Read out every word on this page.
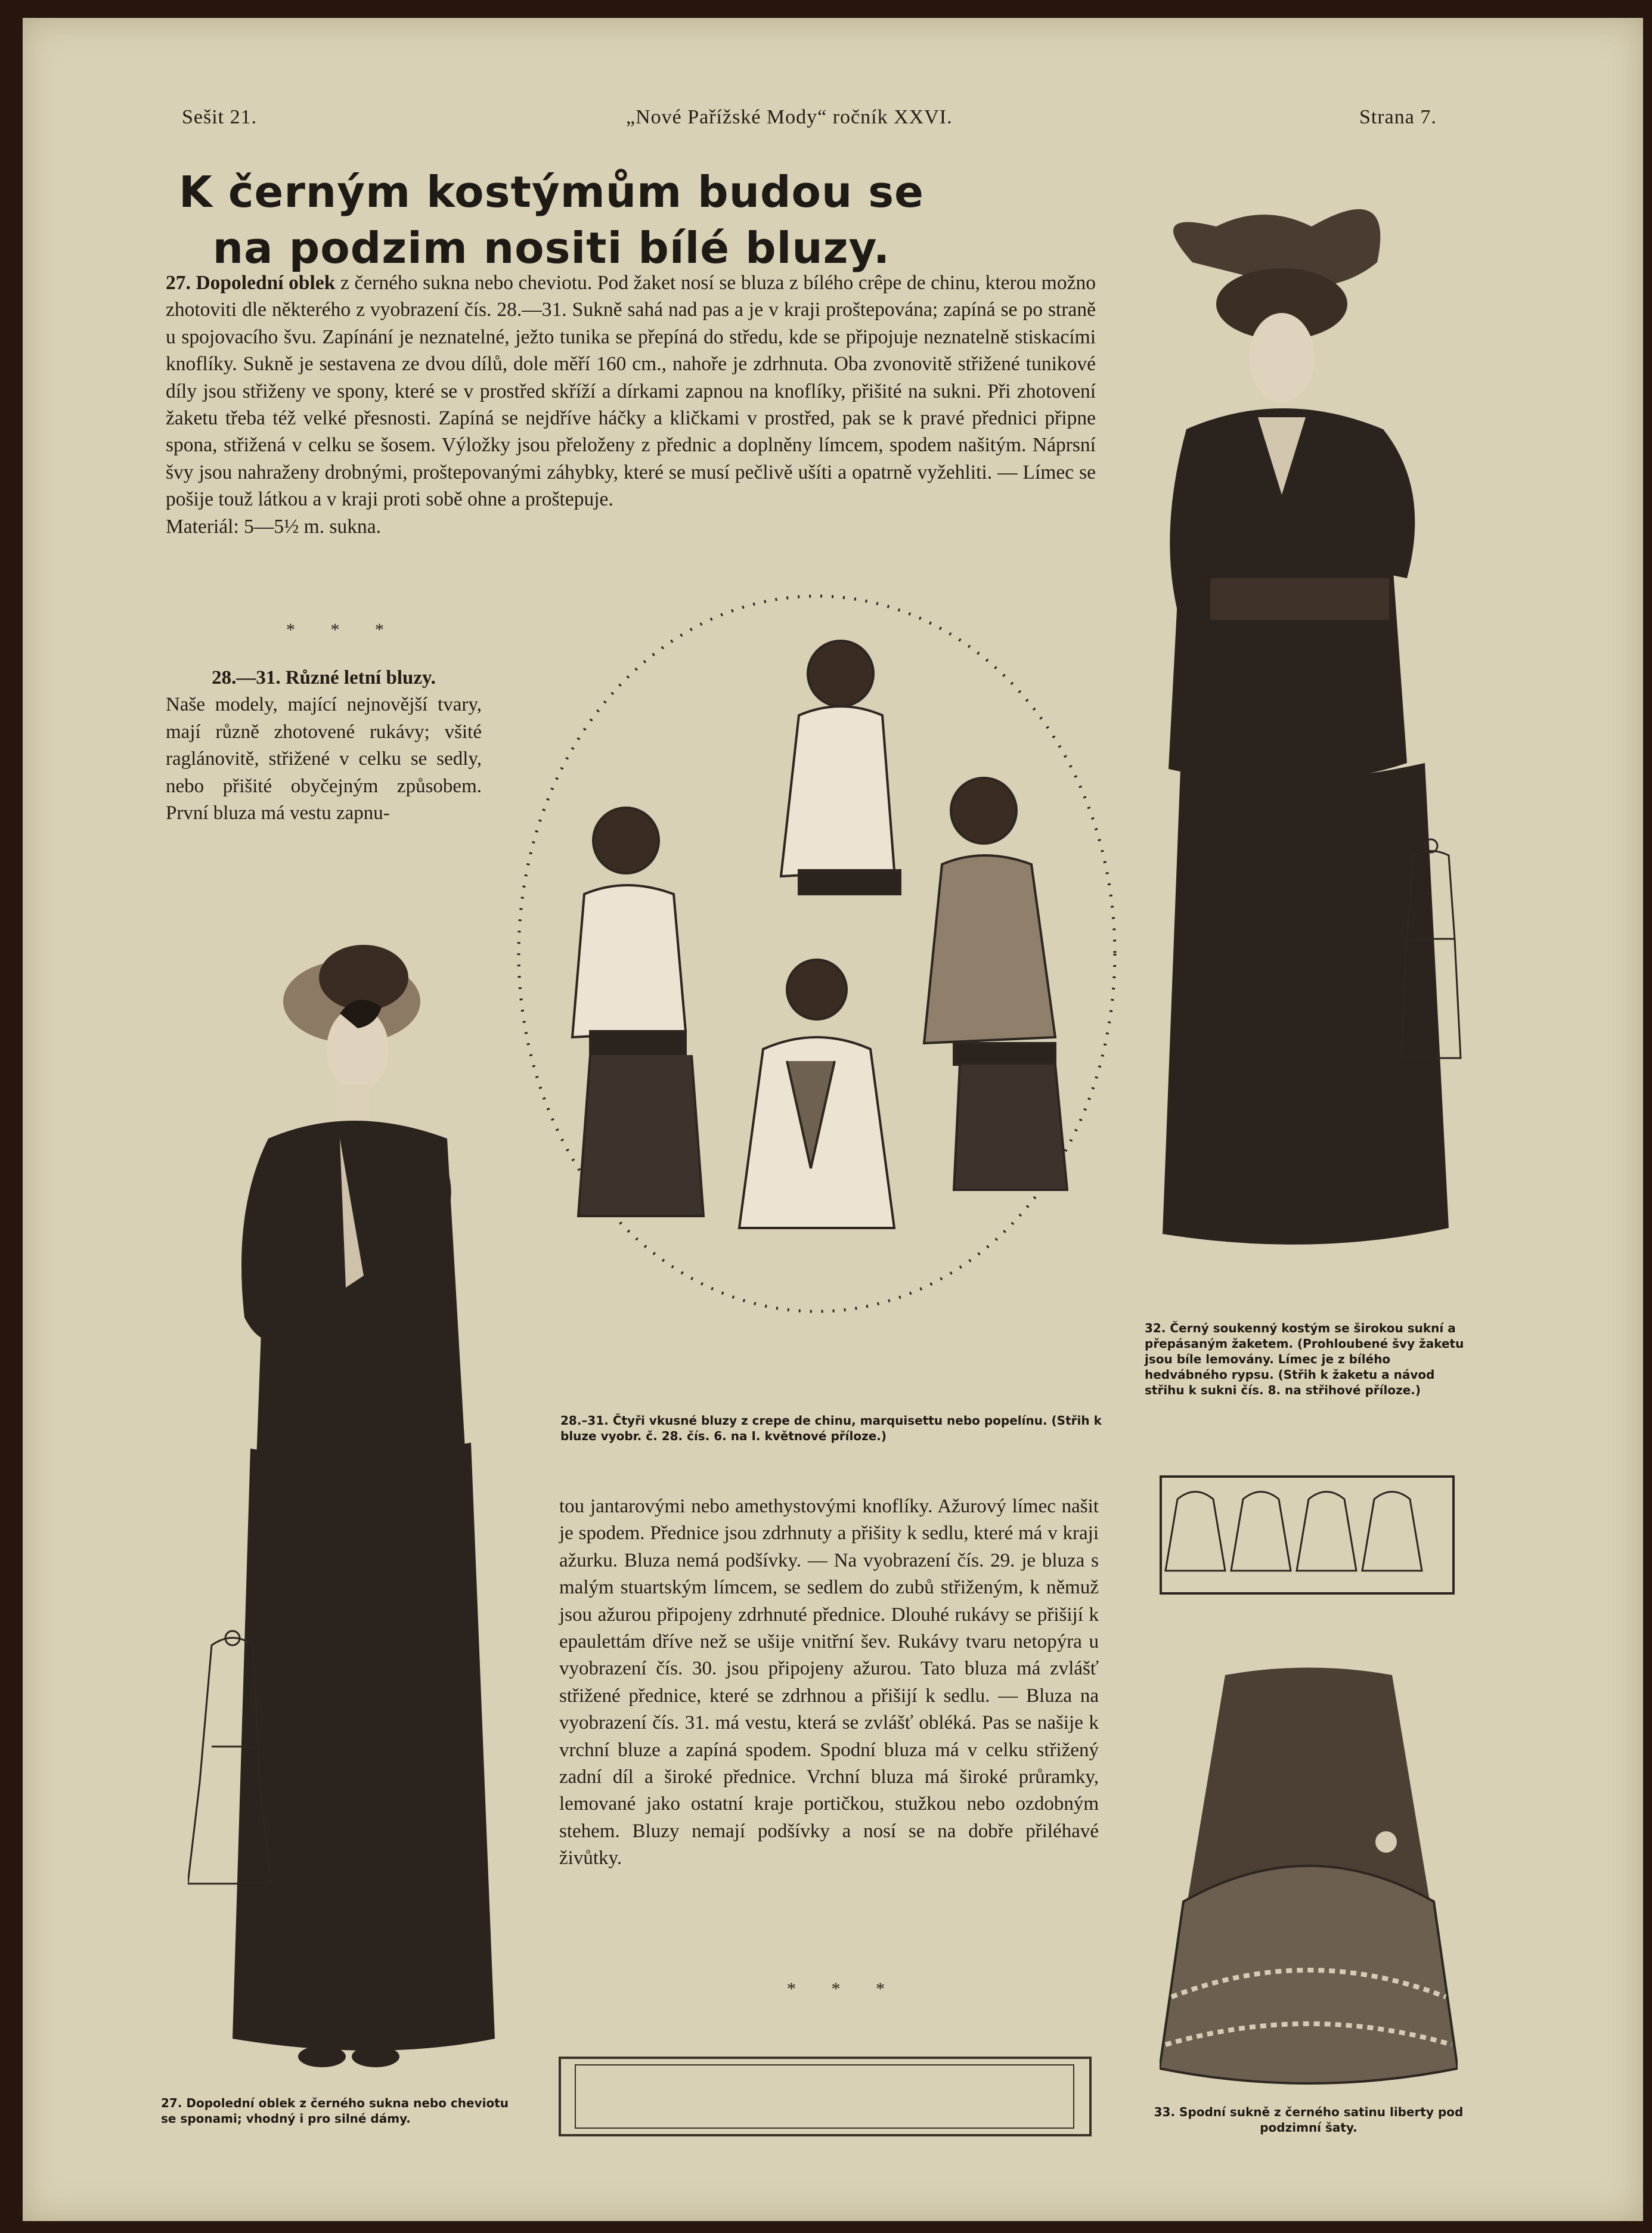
Sešit 21.	„Nové Pařížské Mody“ ročník XXVI.	Strana 7.
K černým kostýmům budou se na podzim nositi bílé bluzy.
27. Dopolední oblek z černého sukna nebo cheviotu. Pod žaket nosí se bluza z bílého crêpe de chinu, kterou možno zhotoviti dle některého z vyobrazení čís. 28.—31. Sukně sahá nad pas a je v kraji proštepována; zapíná se po straně u spojovacího švu. Zapínání je neznatelné, ježto tunika se přepíná do středu, kde se připojuje neznatelně stiskacími knoflíky. Sukně je sestavena ze dvou dílů, dole měří 160 cm., nahoře je zdrhnuta. Oba zvonovitě střižené tunikové díly jsou střiženy ve spony, které se v prostřed skříží a dírkami zapnou na knoflíky, přišité na sukni. Při zhotovení žaketu třeba též velké přesnosti. Zapíná se nejdříve háčky a kličkami v prostřed, pak se k pravé přednici připne spona, střižená v celku se šosem. Výložky jsou přeloženy z přednic a doplněny límcem, spodem našitým. Náprsní švy jsou nahraženy drobnými, proštepovanými záhybky, které se musí pečlivě ušíti a opatrně vyžehliti. — Límec se pošije touž látkou a v kraji proti sobě ohne a proštepuje.
Materiál: 5—5½ m. sukna.
* * *
28.—31. Různé letní bluzy.
Naše modely, mající nejnovější tvary, mají různě zhotovené rukávy; všité raglánovitě, střižené v celku se sedly, nebo přišité obyčejným způsobem. První bluza má vestu zapnu-
tou jantarovými nebo amethystovými knoflíky. Ažurový límec našit je spodem. Přednice jsou zdrhnuty a přišity k sedlu, které má v kraji ažurku. Bluza nemá podšívky. — Na vyobrazení čís. 29. je bluza s malým stuartským límcem, se sedlem do zubů střiženým, k němuž jsou ažurou připojeny zdrhnuté přednice. Dlouhé rukávy se přišijí k epaulettám dříve než se ušije vnitřní šev. Rukávy tvaru netopýra u vyobrazení čís. 30. jsou připojeny ažurou. Tato bluza má zvlášť střižené přednice, které se zdrhnou a přišijí k sedlu. — Bluza na vyobrazení čís. 31. má vestu, která se zvlášť obléká. Pas se našije k vrchní bluze a zapíná spodem. Spodní bluza má v celku střižený zadní díl a široké přednice. Vrchní bluza má široké průramky, lemované jako ostatní kraje portičkou, stužkou nebo ozdobným stehem. Bluzy nemají podšívky a nosí se na dobře přiléhavé živůtky.
* * *
27. Dopolední oblek z černého sukna nebo cheviotu se sponami; vhodný i pro silné dámy.
28.–31. Čtyři vkusné bluzy z crepe de chinu, marquisettu nebo popelínu. (Střih k bluze vyobr. č. 28. čís. 6. na I. květnové příloze.)
32. Černý soukenný kostým se širokou sukní a přepásaným žaketem. (Prohloubené švy žaketu jsou bíle lemovány. Límec je z bílého hedvábného rypsu. (Střih k žaketu a návod střihu k sukni čís. 8. na střihové příloze.)
33. Spodní sukně z černého satinu liberty pod podzimní šaty.
